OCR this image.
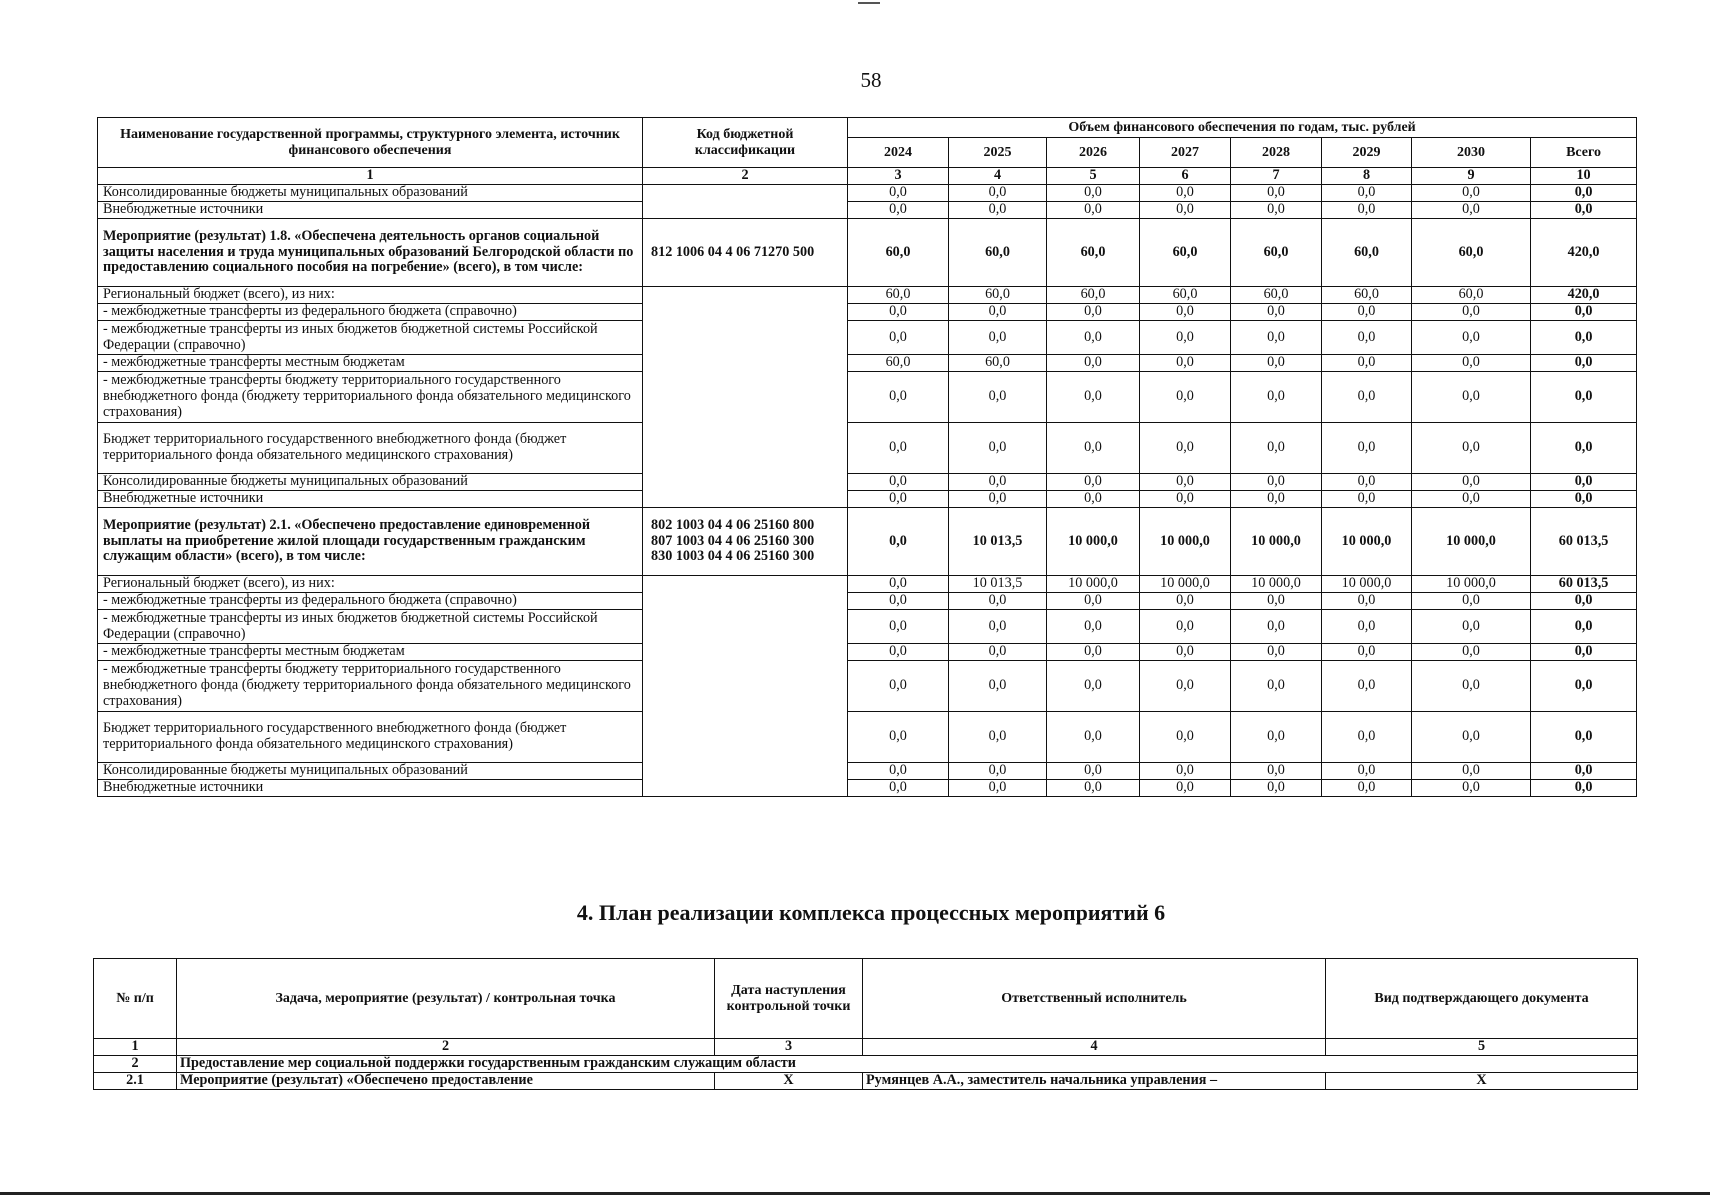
58
Наименование государственной программы, структурного элемента, источник финансового обеспечения	Код бюджетной классификации	Объем финансового обеспечения по годам, тыс. рублей							
		2024	2025	2026	2027	2028	2029	2030	Всего
1	2	3	4	5	6	7	8	9	10
Консолидированные бюджеты муниципальных образований		0,0	0,0	0,0	0,0	0,0	0,0	0,0	0,0
Внебюджетные источники		0,0	0,0	0,0	0,0	0,0	0,0	0,0	0,0
Мероприятие (результат) 1.8. «Обеспечена деятельность органов социальной защиты населения и труда муниципальных образований Белгородской области по предоставлению социального пособия на погребение» (всего), в том числе:	812 1006 04 4 06 71270 500	60,0	60,0	60,0	60,0	60,0	60,0	60,0	420,0
Региональный бюджет (всего), из них:		60,0	60,0	60,0	60,0	60,0	60,0	60,0	420,0
- межбюджетные трансферты из федерального бюджета (справочно)		0,0	0,0	0,0	0,0	0,0	0,0	0,0	0,0
- межбюджетные трансферты из иных бюджетов бюджетной системы Российской Федерации (справочно)		0,0	0,0	0,0	0,0	0,0	0,0	0,0	0,0
- межбюджетные трансферты местным бюджетам		60,0	60,0	0,0	0,0	0,0	0,0	0,0	0,0
- межбюджетные трансферты бюджету территориального государственного внебюджетного фонда (бюджету территориального фонда обязательного медицинского страхования)		0,0	0,0	0,0	0,0	0,0	0,0	0,0	0,0
Бюджет территориального государственного внебюджетного фонда (бюджет территориального фонда обязательного медицинского страхования)		0,0	0,0	0,0	0,0	0,0	0,0	0,0	0,0
Консолидированные бюджеты муниципальных образований		0,0	0,0	0,0	0,0	0,0	0,0	0,0	0,0
Внебюджетные источники		0,0	0,0	0,0	0,0	0,0	0,0	0,0	0,0
Мероприятие (результат) 2.1. «Обеспечено предоставление единовременной выплаты на приобретение жилой площади государственным гражданским служащим области» (всего), в том числе:	802 1003 04 4 06 25160 800
807 1003 04 4 06 25160 300
830 1003 04 4 06 25160 300	0,0	10 013,5	10 000,0	10 000,0	10 000,0	10 000,0	10 000,0	60 013,5
Региональный бюджет (всего), из них:		0,0	10 013,5	10 000,0	10 000,0	10 000,0	10 000,0	10 000,0	60 013,5
- межбюджетные трансферты из федерального бюджета (справочно)		0,0	0,0	0,0	0,0	0,0	0,0	0,0	0,0
- межбюджетные трансферты из иных бюджетов бюджетной системы Российской Федерации (справочно)		0,0	0,0	0,0	0,0	0,0	0,0	0,0	0,0
- межбюджетные трансферты местным бюджетам		0,0	0,0	0,0	0,0	0,0	0,0	0,0	0,0
- межбюджетные трансферты бюджету территориального государственного внебюджетного фонда (бюджету территориального фонда обязательного медицинского страхования)		0,0	0,0	0,0	0,0	0,0	0,0	0,0	0,0
Бюджет территориального государственного внебюджетного фонда (бюджет территориального фонда обязательного медицинского страхования)		0,0	0,0	0,0	0,0	0,0	0,0	0,0	0,0
Консолидированные бюджеты муниципальных образований		0,0	0,0	0,0	0,0	0,0	0,0	0,0	0,0
Внебюджетные источники		0,0	0,0	0,0	0,0	0,0	0,0	0,0	0,0
4. План реализации комплекса процессных мероприятий 6
№ п/п	Задача, мероприятие (результат) / контрольная точка	Дата наступления контрольной точки	Ответственный исполнитель	Вид подтверждающего документа
1	2	3	4	5
2	Предоставление мер социальной поддержки государственным гражданским служащим области			
2.1	Мероприятие (результат) «Обеспечено предоставление	X	Румянцев А.А., заместитель начальника управления –	X
